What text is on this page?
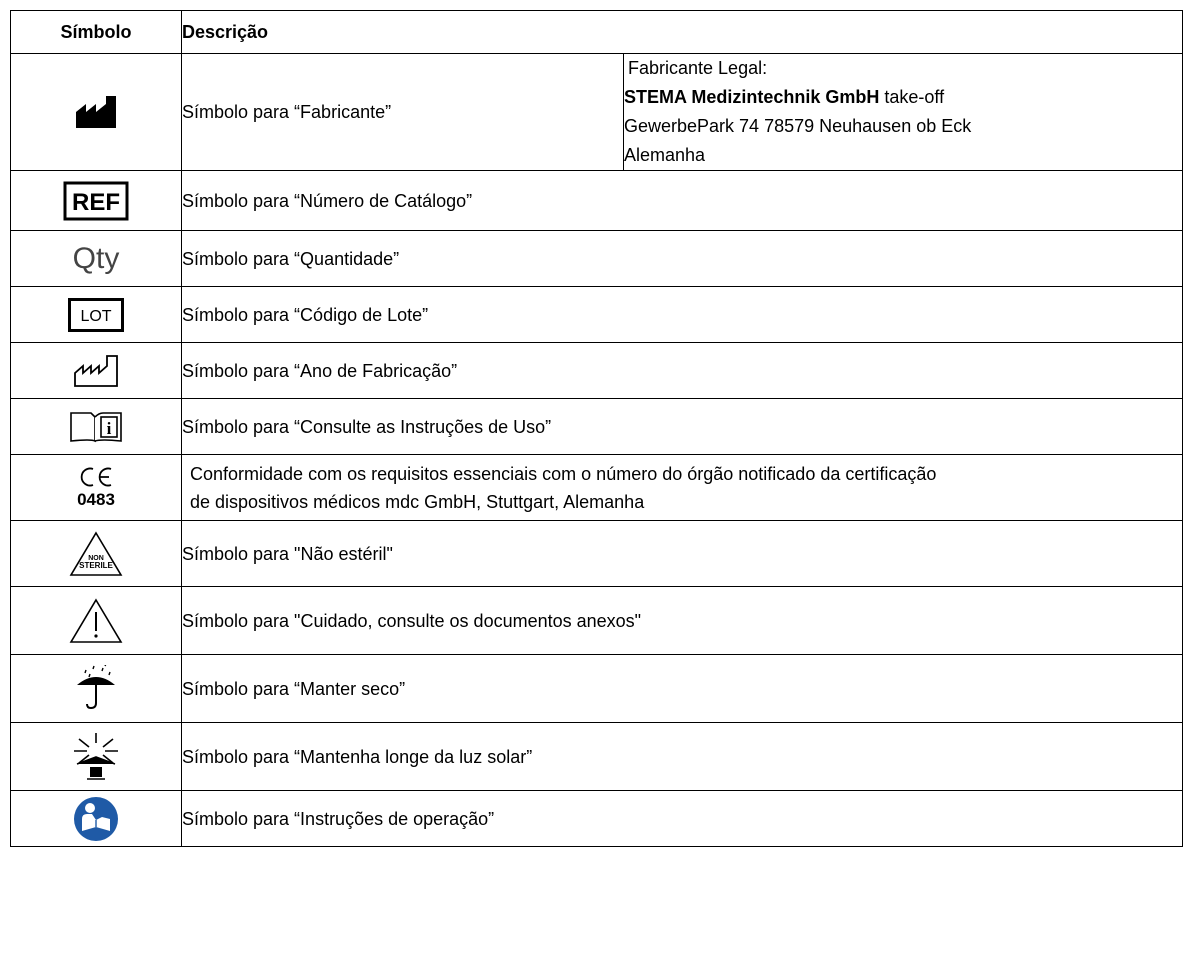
Símbolo	Descrição	
	Símbolo para “Fabricante”	Fabricante Legal:
STEMA Medizintechnik GmbH take-off
GewerbePark 74 78579 Neuhausen ob Eck
Alemanha

REF	Símbolo para “Número de Catálogo”	
Qty	Símbolo para “Quantidade”	

LOT	Símbolo para “Código de Lote”	
	Símbolo para “Ano de Fabricação”	

i	Símbolo para “Consulte as Instruções de Uso”	

0483	Conformidade com os requisitos essenciais com o número do órgão notificado da certificação
de dispositivos médicos mdc GmbH, Stuttgart, Alemanha	

NON
STERILE	Símbolo para "Não estéril"	
	Símbolo para "Cuidado, consulte os documentos anexos"	
	Símbolo para “Manter seco”	
	Símbolo para “Mantenha longe da luz solar”	
	Símbolo para “Instruções de operação”	
